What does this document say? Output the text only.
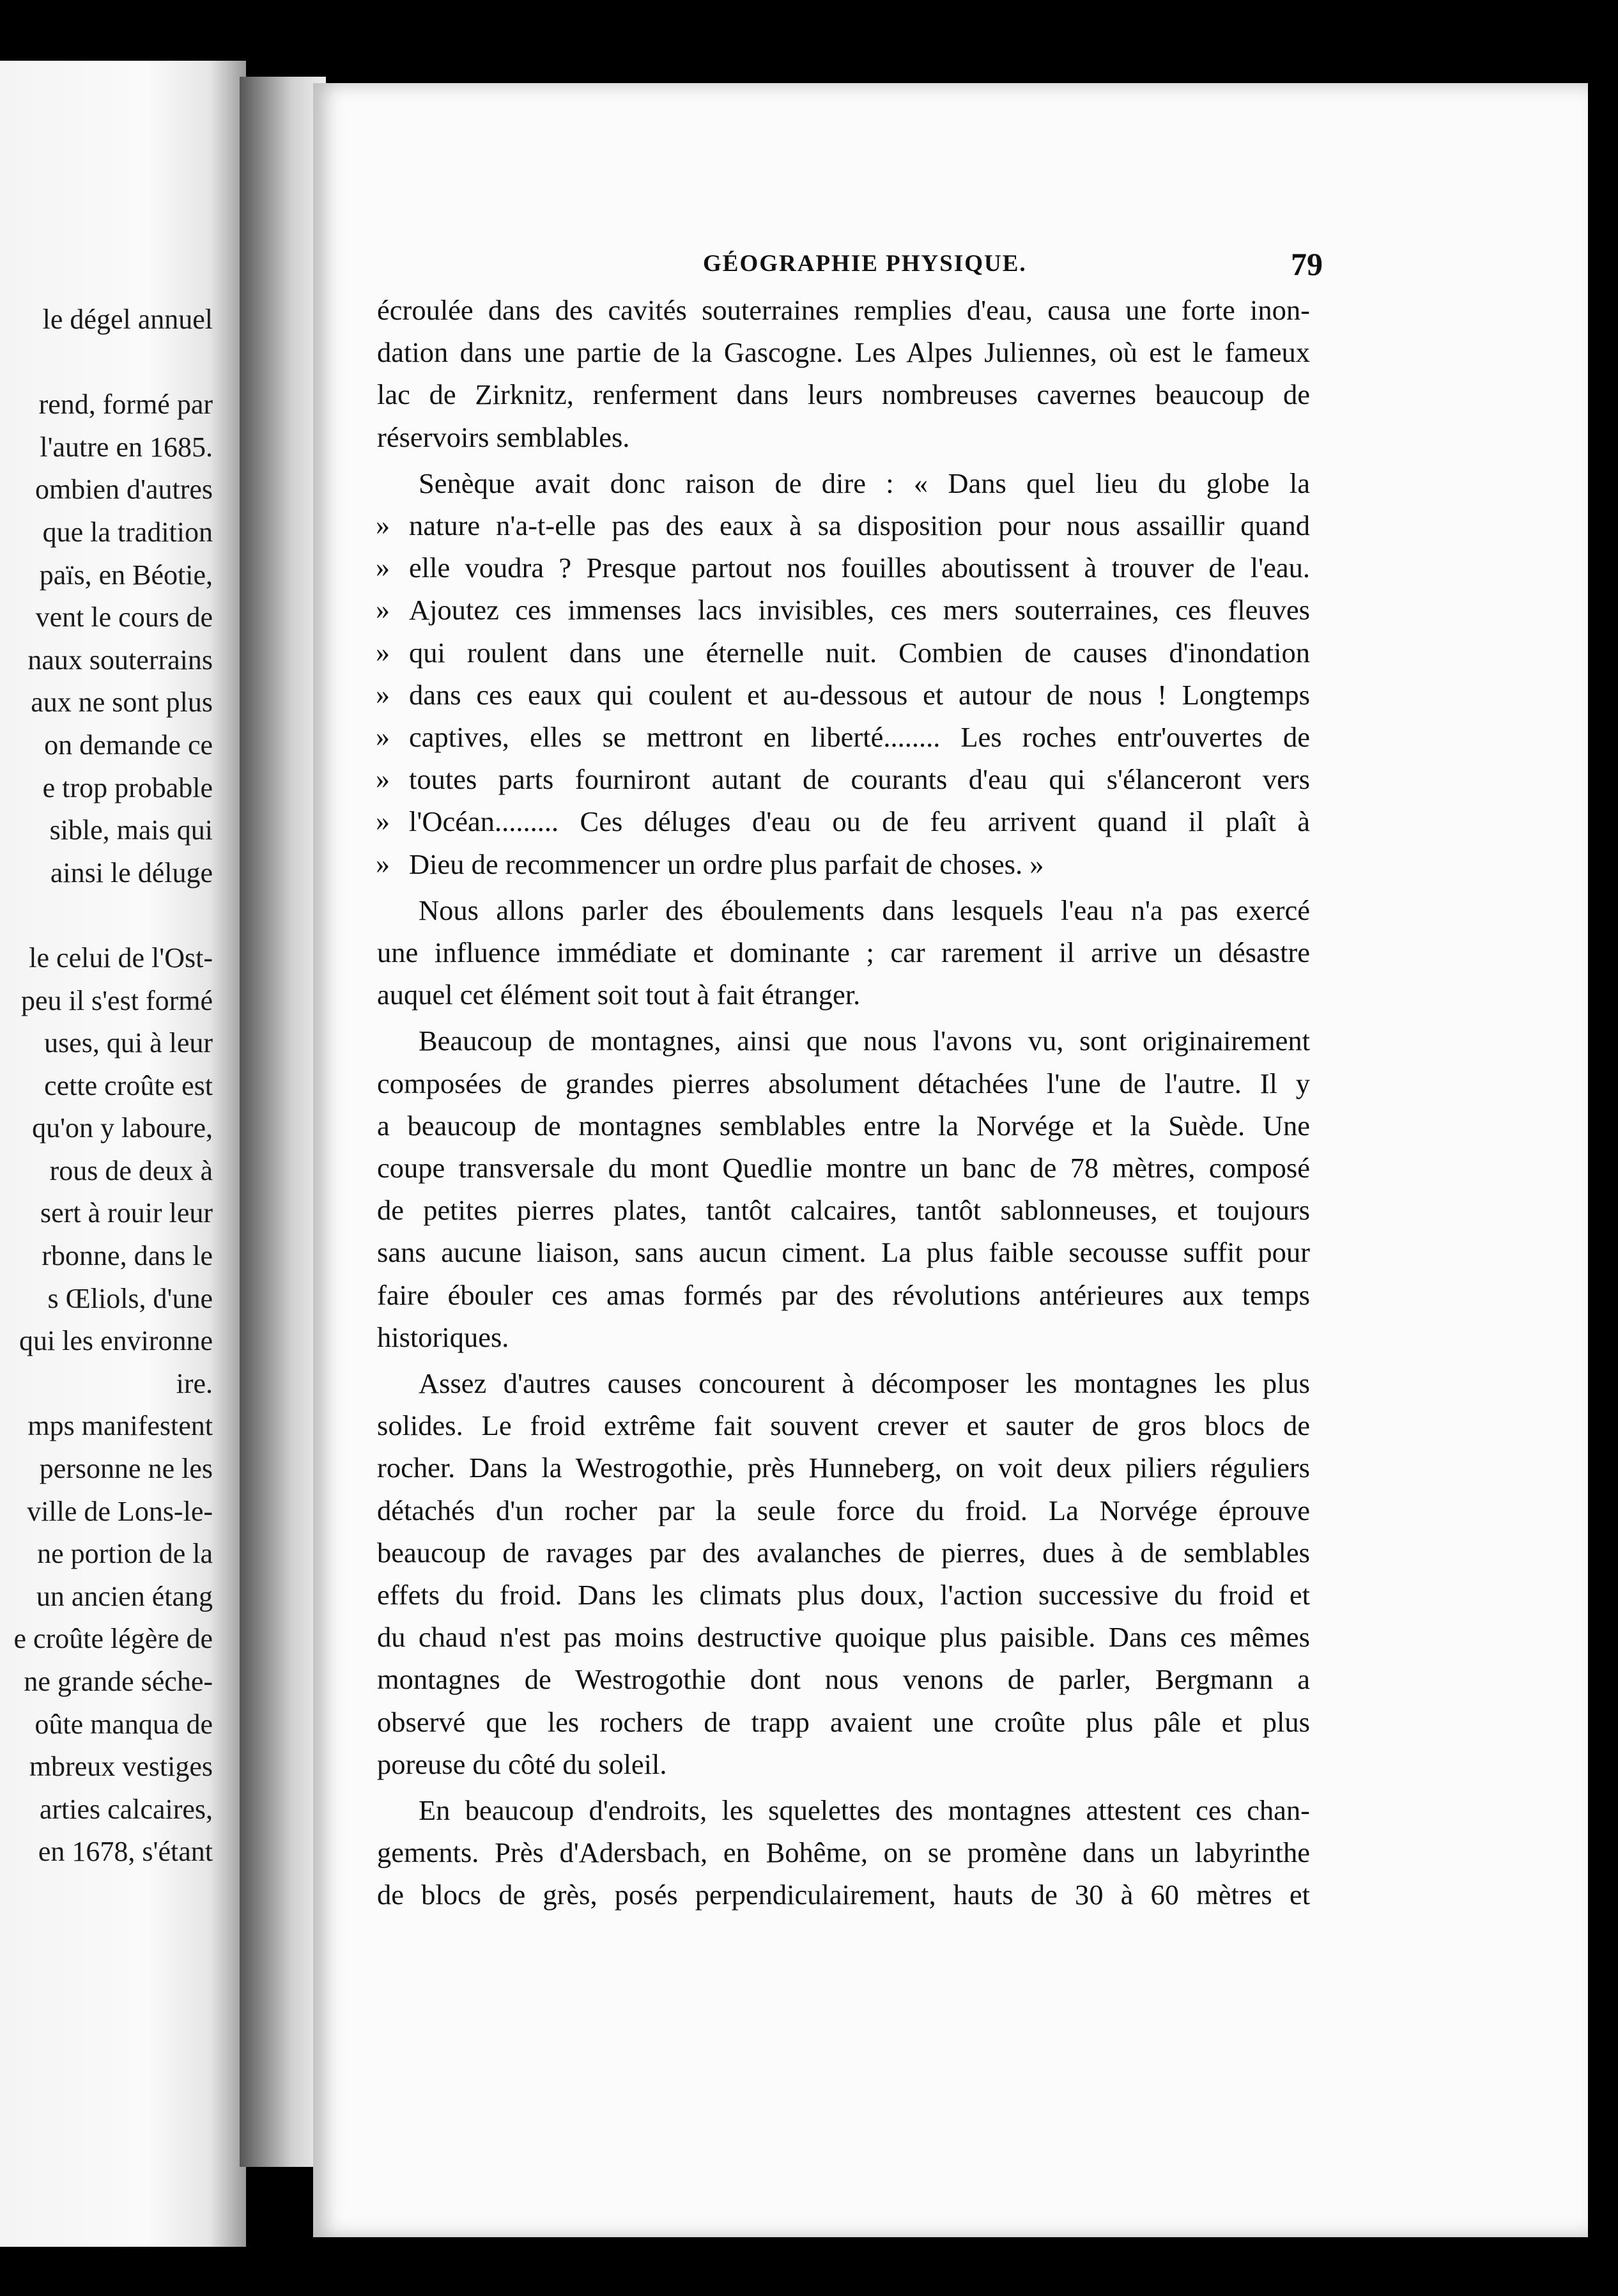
le dégel annuel
rend, formé par
l'autre en 1685.
ombien d'autres
que la tradition
païs, en Béotie,
vent le cours de
naux souterrains
aux ne sont plus
on demande ce
e trop probable
sible, mais qui
ainsi le déluge
le celui de l'Ost-
peu il s'est formé
uses, qui à leur
cette croûte est
qu'on y laboure,
rous de deux à
sert à rouir leur
rbonne, dans le
s Œliols, d'une
qui les environne
ire.
mps manifestent
personne ne les
ville de Lons-le-
ne portion de la
un ancien étang
e croûte légère de
ne grande séche-
oûte manqua de
mbreux vestiges
arties calcaires,
en 1678, s'étant
GÉOGRAPHIE PHYSIQUE.	79
écroulée dans des cavités souterraines remplies d'eau, causa une forte inon-
dation dans une partie de la Gascogne. Les Alpes Juliennes, où est le fameux
lac de Zirknitz, renferment dans leurs nombreuses cavernes beaucoup de
réservoirs semblables.
Senèque avait donc raison de dire : « Dans quel lieu du globe la
» nature n'a-t-elle pas des eaux à sa disposition pour nous assaillir quand
» elle voudra ? Presque partout nos fouilles aboutissent à trouver de l'eau.
» Ajoutez ces immenses lacs invisibles, ces mers souterraines, ces fleuves
» qui roulent dans une éternelle nuit. Combien de causes d'inondation
» dans ces eaux qui coulent et au-dessous et autour de nous ! Longtemps
» captives, elles se mettront en liberté........ Les roches entr'ouvertes de
» toutes parts fourniront autant de courants d'eau qui s'élanceront vers
» l'Océan......... Ces déluges d'eau ou de feu arrivent quand il plaît à
» Dieu de recommencer un ordre plus parfait de choses. »
Nous allons parler des éboulements dans lesquels l'eau n'a pas exercé
une influence immédiate et dominante ; car rarement il arrive un désastre
auquel cet élément soit tout à fait étranger.
Beaucoup de montagnes, ainsi que nous l'avons vu, sont originairement
composées de grandes pierres absolument détachées l'une de l'autre. Il y
a beaucoup de montagnes semblables entre la Norvége et la Suède. Une
coupe transversale du mont Quedlie montre un banc de 78 mètres, composé
de petites pierres plates, tantôt calcaires, tantôt sablonneuses, et toujours
sans aucune liaison, sans aucun ciment. La plus faible secousse suffit pour
faire ébouler ces amas formés par des révolutions antérieures aux temps
historiques.
Assez d'autres causes concourent à décomposer les montagnes les plus
solides. Le froid extrême fait souvent crever et sauter de gros blocs de
rocher. Dans la Westrogothie, près Hunneberg, on voit deux piliers réguliers
détachés d'un rocher par la seule force du froid. La Norvége éprouve
beaucoup de ravages par des avalanches de pierres, dues à de semblables
effets du froid. Dans les climats plus doux, l'action successive du froid et
du chaud n'est pas moins destructive quoique plus paisible. Dans ces mêmes
montagnes de Westrogothie dont nous venons de parler, Bergmann a
observé que les rochers de trapp avaient une croûte plus pâle et plus
poreuse du côté du soleil.
En beaucoup d'endroits, les squelettes des montagnes attestent ces chan-
gements. Près d'Adersbach, en Bohême, on se promène dans un labyrinthe
de blocs de grès, posés perpendiculairement, hauts de 30 à 60 mètres et
